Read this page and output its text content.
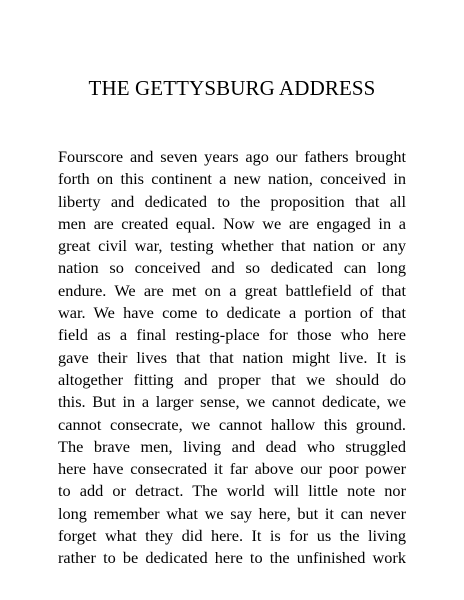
THE GETTYSBURG ADDRESS
Fourscore and seven years ago our fathers brought
forth on this continent a new nation, conceived in
liberty and dedicated to the proposition that all
men are created equal. Now we are engaged in a
great civil war, testing whether that nation or any
nation so conceived and so dedicated can long
endure. We are met on a great battlefield of that
war. We have come to dedicate a portion of that
field as a final resting-place for those who here
gave their lives that that nation might live. It is
altogether fitting and proper that we should do
this. But in a larger sense, we cannot dedicate, we
cannot consecrate, we cannot hallow this ground.
The brave men, living and dead who struggled
here have consecrated it far above our poor power
to add or detract. The world will little note nor
long remember what we say here, but it can never
forget what they did here. It is for us the living
rather to be dedicated here to the unfinished work
